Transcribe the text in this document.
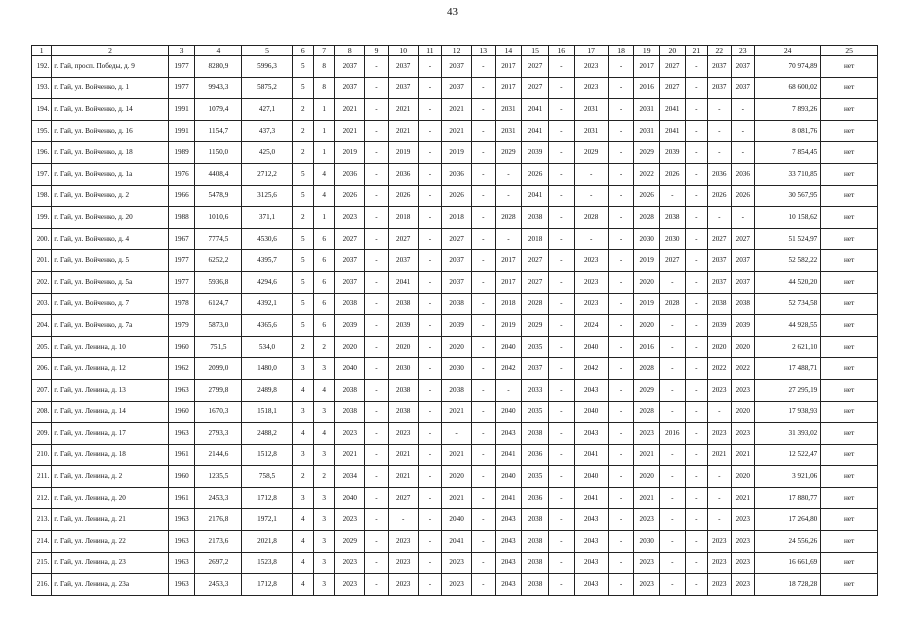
43
1	2	3	4	5	6	7	8	9	10	11	12	13	14	15	16	17	18	19	20	21	22	23	24	25
192.	г. Гай, просп. Победы, д. 9	1977	8280,9	5996,3	5	8	2037	-	2037	-	2037	-	2017	2027	-	2023	-	2017	2027	-	2037	2037	70 974,89	нет
193.	г. Гай, ул. Войченко, д. 1	1977	9943,3	5875,2	5	8	2037	-	2037	-	2037	-	2017	2027	-	2023	-	2016	2027	-	2037	2037	68 600,02	нет
194.	г. Гай, ул. Войченко, д. 14	1991	1079,4	427,1	2	1	2021	-	2021	-	2021	-	2031	2041	-	2031	-	2031	2041	-	-	-	7 893,26	нет
195.	г. Гай, ул. Войченко, д. 16	1991	1154,7	437,3	2	1	2021	-	2021	-	2021	-	2031	2041	-	2031	-	2031	2041	-	-	-	8 081,76	нет
196.	г. Гай, ул. Войченко, д. 18	1989	1150,0	425,0	2	1	2019	-	2019	-	2019	-	2029	2039	-	2029	-	2029	2039	-	-	-	7 854,45	нет
197.	г. Гай, ул. Войченко, д. 1а	1976	4408,4	2712,2	5	4	2036	-	2036	-	2036	-	-	2026	-	-	-	2022	2026	-	2036	2036	33 710,85	нет
198.	г. Гай, ул. Войченко, д. 2	1966	5478,9	3125,6	5	4	2026	-	2026	-	2026	-	-	2041	-	-	-	2026	-	-	2026	2026	30 567,95	нет
199.	г. Гай, ул. Войченко, д. 20	1988	1010,6	371,1	2	1	2023	-	2018	-	2018	-	2028	2038	-	2028	-	2028	2038	-	-	-	10 158,62	нет
200.	г. Гай, ул. Войченко, д. 4	1967	7774,5	4530,6	5	6	2027	-	2027	-	2027	-	-	2018	-	-	-	2030	2030	-	2027	2027	51 524,97	нет
201.	г. Гай, ул. Войченко, д. 5	1977	6252,2	4395,7	5	6	2037	-	2037	-	2037	-	2017	2027	-	2023	-	2019	2027	-	2037	2037	52 582,22	нет
202.	г. Гай, ул. Войченко, д. 5а	1977	5936,8	4294,6	5	6	2037	-	2041	-	2037	-	2017	2027	-	2023	-	2020	-	-	2037	2037	44 520,20	нет
203.	г. Гай, ул. Войченко, д. 7	1978	6124,7	4392,1	5	6	2038	-	2038	-	2038	-	2018	2028	-	2023	-	2019	2028	-	2038	2038	52 734,58	нет
204.	г. Гай, ул. Войченко, д. 7а	1979	5873,0	4365,6	5	6	2039	-	2039	-	2039	-	2019	2029	-	2024	-	2020	-	-	2039	2039	44 928,55	нет
205.	г. Гай, ул. Ленина, д. 10	1960	751,5	534,0	2	2	2020	-	2020	-	2020	-	2040	2035	-	2040	-	2016	-	-	2020	2020	2 621,10	нет
206.	г. Гай, ул. Ленина, д. 12	1962	2099,0	1480,0	3	3	2040	-	2030	-	2030	-	2042	2037	-	2042	-	2028	-	-	2022	2022	17 488,71	нет
207.	г. Гай, ул. Ленина, д. 13	1963	2799,8	2489,8	4	4	2038	-	2038	-	2038	-	-	2033	-	2043	-	2029	-	-	2023	2023	27 295,19	нет
208.	г. Гай, ул. Ленина, д. 14	1960	1670,3	1518,1	3	3	2038	-	2038	-	2021	-	2040	2035	-	2040	-	2028	-	-	-	2020	17 938,93	нет
209.	г. Гай, ул. Ленина, д. 17	1963	2793,3	2488,2	4	4	2023	-	2023	-	-	-	2043	2038	-	2043	-	2023	2016	-	2023	2023	31 393,02	нет
210.	г. Гай, ул. Ленина, д. 18	1961	2144,6	1512,8	3	3	2021	-	2021	-	2021	-	2041	2036	-	2041	-	2021	-	-	2021	2021	12 522,47	нет
211.	г. Гай, ул. Ленина, д. 2	1960	1235,5	758,5	2	2	2034	-	2021	-	2020	-	2040	2035	-	2040	-	2020	-	-	-	2020	3 921,06	нет
212.	г. Гай, ул. Ленина, д. 20	1961	2453,3	1712,8	3	3	2040	-	2027	-	2021	-	2041	2036	-	2041	-	2021	-	-	-	2021	17 880,77	нет
213.	г. Гай, ул. Ленина, д. 21	1963	2176,8	1972,1	4	3	2023	-	-	-	2040	-	2043	2038	-	2043	-	2023	-	-	-	2023	17 264,80	нет
214.	г. Гай, ул. Ленина, д. 22	1963	2173,6	2021,8	4	3	2029	-	2023	-	2041	-	2043	2038	-	2043	-	2030	-	-	2023	2023	24 556,26	нет
215.	г. Гай, ул. Ленина, д. 23	1963	2697,2	1523,8	4	3	2023	-	2023	-	2023	-	2043	2038	-	2043	-	2023	-	-	2023	2023	16 661,69	нет
216.	г. Гай, ул. Ленина, д. 23а	1963	2453,3	1712,8	4	3	2023	-	2023	-	2023	-	2043	2038	-	2043	-	2023	-	-	2023	2023	18 728,28	нет
